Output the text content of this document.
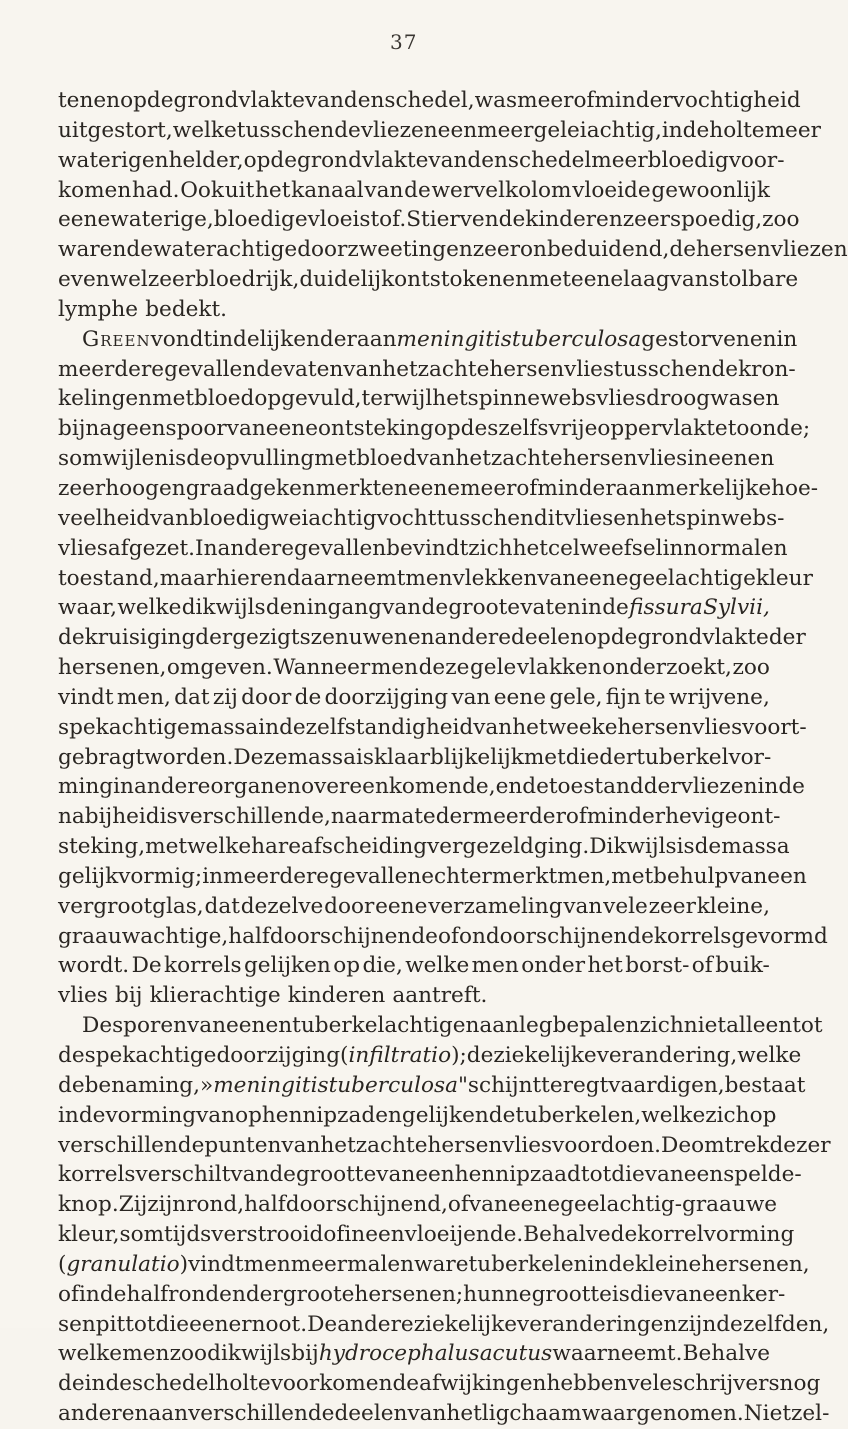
37
ten en op de grondvlakte van den schedel, was meer of minder vochtigheid
uitgestort, welke tusschen de vliezen een meer geleiachtig, in de holte meer
waterig en helder, op de grondvlakte van den schedel meer bloedig voor-
komen had. Ook uit het kanaal van de wervelkolom vloeide gewoonlijk
eene waterige, bloedige vloeistof. Stierven de kinderen zeer spoedig, zoo
waren de waterachtige doorzweetingen zeer onbeduidend, de hersenvliezen
evenwel zeer bloedrijk, duidelijk ontstoken en met eene laag van stolbare
lymphe bedekt.
Green vondt in de lijken der aan meningitis tuberculosa gestorvenen in
meerdere gevallen de vaten van het zachte hersenvlies tusschen de kron-
kelingen met bloed opgevuld, terwijl het spinnewebsvlies droog was en
bijna geen spoor van eene ontsteking op deszelfs vrije oppervlakte toonde;
somwijlen is de opvulling met bloed van het zachte hersenvlies in eenen
zeer hoogen graad gekenmerkt en eene meer of minder aanmerkelijke hoe-
veelheid van bloedig weiachtig vocht tusschen dit vlies en het spinwebs-
vlies afgezet. In andere gevallen bevindt zich het celweefsel in normalen
toestand, maar hier en daar neemt men vlekken van eene geelachtige kleur
waar, welke dikwijls den ingang van de groote vaten in de fissura Sylvii,
de kruisiging der gezigtszenuwen en andere deelen op de grondvlakte der
hersenen, omgeven. Wanneer men deze gele vlakken onderzoekt, zoo
vindt men, dat zij door de doorzijging van eene gele, fijn te wrijvene,
spekachtige massa in de zelfstandigheid van het weeke hersenvlies voort-
gebragt worden. Deze massa is klaarblijkelijk met die der tuberkelvor-
ming in andere organen overeenkomende, en de toestand der vliezen in de
nabijheid is verschillende, naar mate der meerder of minder hevige ont-
steking, met welke hare afscheiding vergezeld ging. Dikwijls is de massa
gelijkvormig; in meerdere gevallen echter merkt men, met behulp van een
vergrootglas, dat dezelve door eene verzameling van vele zeer kleine,
graauwachtige, half doorschijnende of ondoorschijnende korrels gevormd
wordt. De korrels gelijken op die, welke men onder het borst- of buik-
vlies bij klierachtige kinderen aantreft.
De sporen van eenen tuberkelachtigen aanleg bepalen zich niet alleen tot
de spekachtige doorzijging (infiltratio); de ziekelijke verandering, welke
de benaming, »meningitis tuberculosa" schijnt te regtvaardigen, bestaat
in de vorming van op hennipzaden gelijkende tuberkelen, welke zich op
verschillende punten van het zachte hersenvlies voordoen. De omtrek dezer
korrels verschilt van de grootte van een hennipzaad tot die van een spelde-
knop. Zij zijn rond, half doorschijnend, of van eene geelachtig-graauwe
kleur, somtijds verstrooid of ineenvloeijende. Behalve de korrelvorming
(granulatio) vindt men meermalen ware tuberkelen in de kleine hersenen,
of in de halfronden der groote hersenen; hunne grootte is die van een ker-
senpit tot die eener noot. De andere ziekelijke veranderingen zijn dezelfden,
welke men zoo dikwijls bij hydrocephalus acutus waarneemt. Behalve
de in de schedelholte voorkomende afwijkingen hebben vele schrijvers nog
anderen aan verschillende deelen van het ligchaam waargenomen. Niet zel-
